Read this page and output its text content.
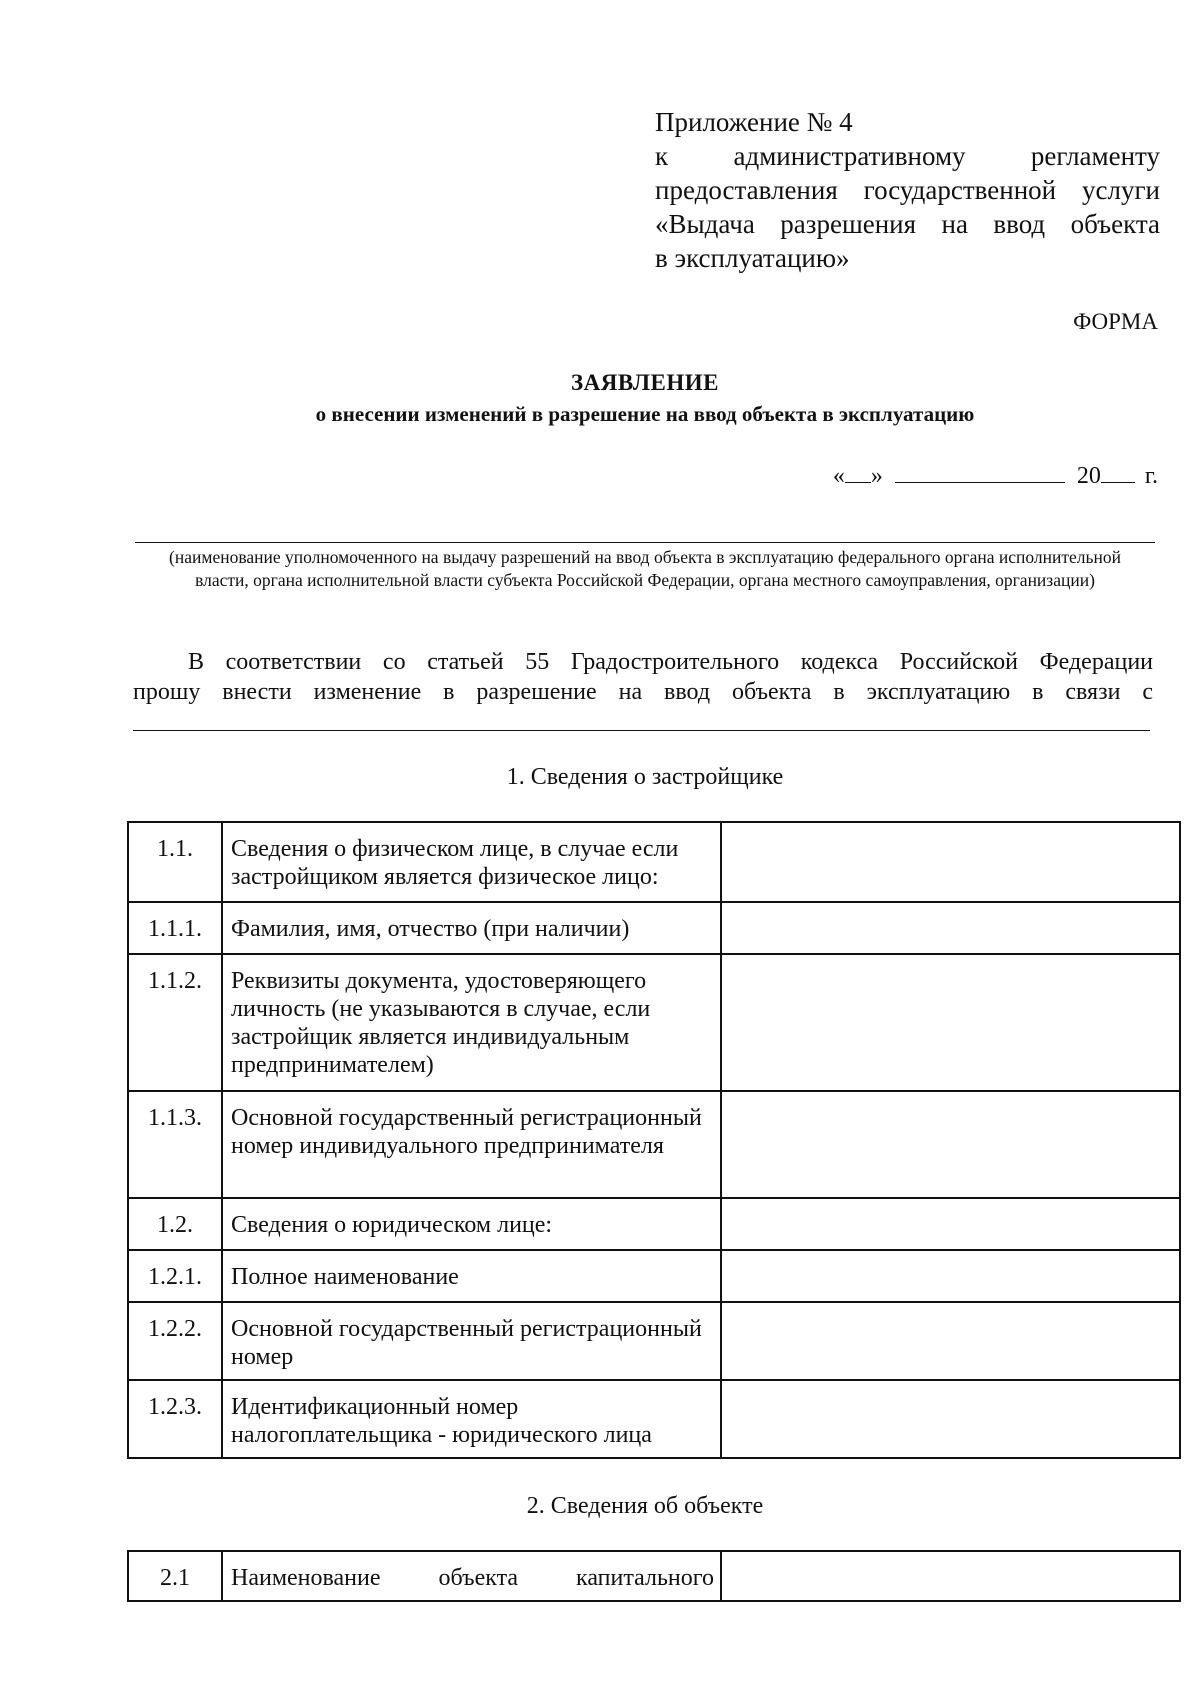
Приложение № 4
к административному регламенту
предоставления государственной услуги
«Выдача разрешения на ввод объекта
в эксплуатацию»
ФОРМА
ЗАЯВЛЕНИЕ
о внесении изменений в разрешение на ввод объекта в эксплуатацию
« »	20 г.
(наименование уполномоченного на выдачу разрешений на ввод объекта в эксплуатацию федерального органа исполнительной власти, органа исполнительной власти субъекта Российской Федерации, органа местного самоуправления, организации)
В соответствии со статьей 55 Градостроительного кодекса Российской Федерации
прошу внести изменение в разрешение на ввод объекта в эксплуатацию в связи с
1. Сведения о застройщике
1.1.	Сведения о физическом лице, в случае если застройщиком является физическое лицо:	
1.1.1.	Фамилия, имя, отчество (при наличии)	
1.1.2.	Реквизиты документа, удостоверяющего личность (не указываются в случае, если застройщик является индивидуальным предпринимателем)	
1.1.3.	Основной государственный регистрационный номер индивидуального предпринимателя	
1.2.	Сведения о юридическом лице:	
1.2.1.	Полное наименование	
1.2.2.	Основной государственный регистрационный номер	
1.2.3.	Идентификационный номер налогоплательщика - юридического лица	
2. Сведения об объекте
2.1	Наименование объекта капитального
